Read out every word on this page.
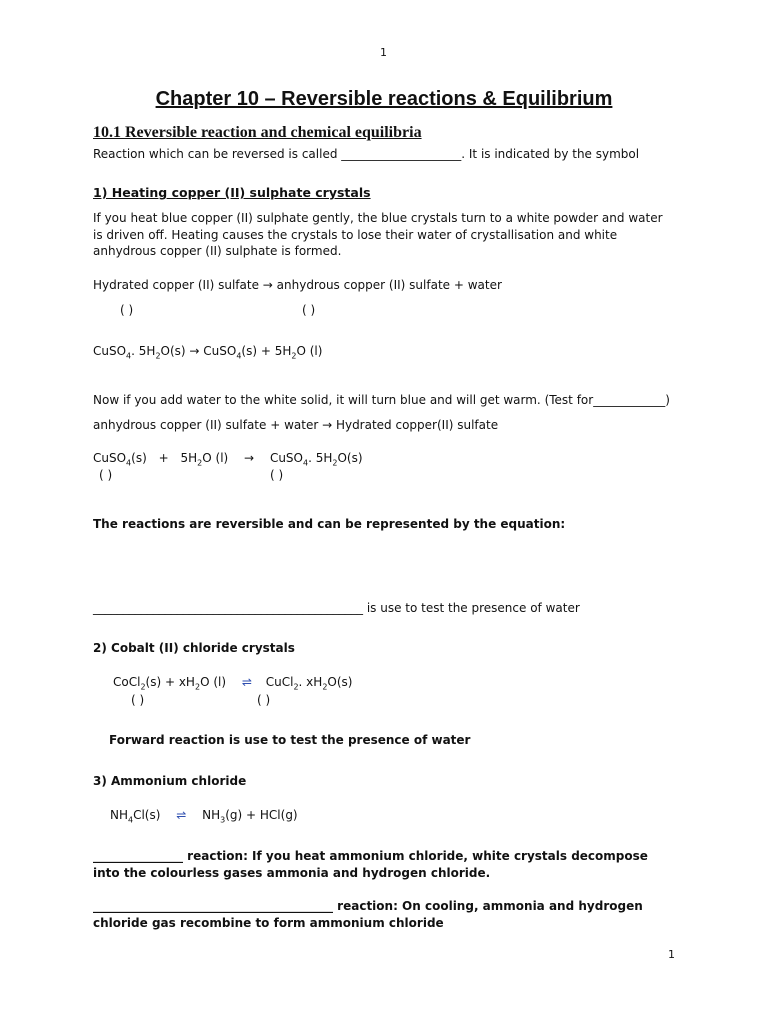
1
Chapter 10 – Reversible reactions & Equilibrium
10.1 Reversible reaction and chemical equilibria
Reaction which can be reversed is called ____________________. It is indicated by the symbol
1) Heating copper (II) sulphate crystals
If you heat blue copper (II) sulphate gently, the blue crystals turn to a white powder and water is driven off. Heating causes the crystals to lose their water of crystallisation and white anhydrous copper (II) sulphate is formed.
Hydrated copper (II) sulfate → anhydrous copper (II) sulfate + water
( )	( )
CuSO$_4$. $5H_2O(s)$ → CuSO$_4$(s) + $5H_2O$ (l)
Now if you add water to the white solid, it will turn blue and will get warm. (Test for____________)
anhydrous copper (II) sulfate + water → Hydrated copper(II) sulfate
CuSO$_4$(s) + $5H_2O$ (l) → CuSO$_4$. $5H_2O(s)$
( )	( )
The reactions are reversible and can be represented by the equation:
_____________________________________________ is use to test the presence of water
2) Cobalt (II) chloride crystals
CoCl$_2$(s) + $xH_2O$ (l) ⇌ CuCl$_2$. $xH_2O(s)$
( )	( )
Forward reaction is use to test the presence of water
3) Ammonium chloride
$NH_4Cl(s)$ ⇌ $NH_3(g) + HCl(g)$
_______________ reaction: If you heat ammonium chloride, white crystals decompose into the colourless gases ammonia and hydrogen chloride.
________________________________________ reaction: On cooling, ammonia and hydrogen chloride gas recombine to form ammonium chloride
1
